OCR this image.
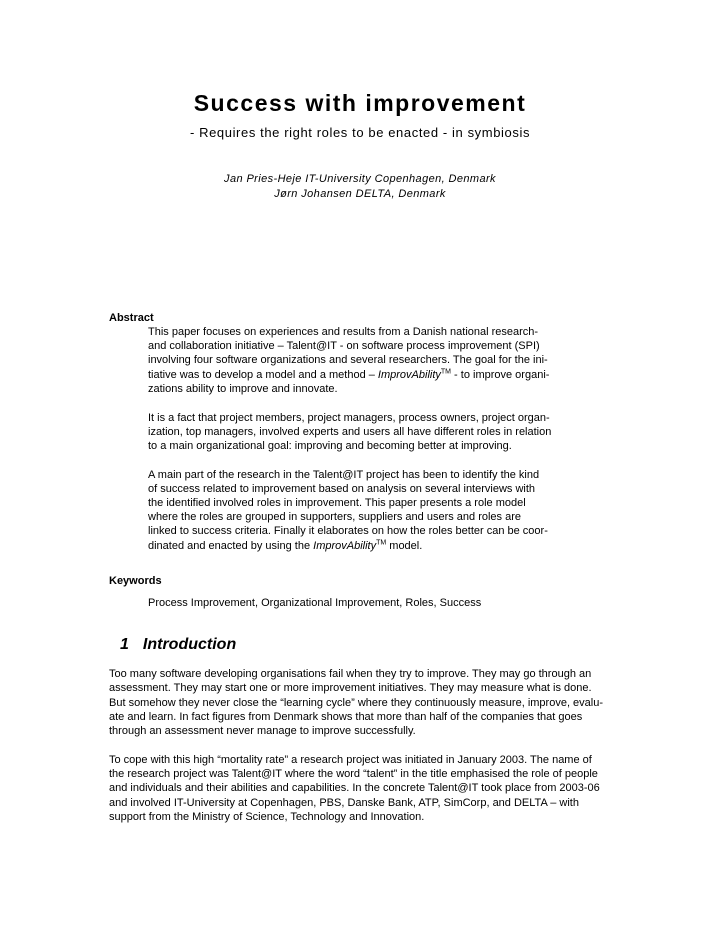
Success with improvement
- Requires the right roles to be enacted - in symbiosis
Jan Pries-Heje IT-University Copenhagen, Denmark
Jørn Johansen DELTA, Denmark
Abstract

This paper focuses on experiences and results from a Danish national research-
and collaboration initiative – Talent@IT - on software process improvement (SPI)
involving four software organizations and several researchers. The goal for the ini-
tiative was to develop a model and a method – ImprovAbility™ - to improve organi-
zations ability to improve and innovate.

It is a fact that project members, project managers, process owners, project organ-
ization, top managers, involved experts and users all have different roles in relation
to a main organizational goal: improving and becoming better at improving.

A main part of the research in the Talent@IT project has been to identify the kind
of success related to improvement based on analysis on several interviews with
the identified involved roles in improvement. This paper presents a role model
where the roles are grouped in supporters, suppliers and users and roles are
linked to success criteria. Finally it elaborates on how the roles better can be coor-
dinated and enacted by using the ImprovAbility™ model.

Keywords
Process Improvement, Organizational Improvement, Roles, Success
1 Introduction

Too many software developing organisations fail when they try to improve. They may go through an
assessment. They may start one or more improvement initiatives. They may measure what is done.
But somehow they never close the “learning cycle” where they continuously measure, improve, evalu-
ate and learn. In fact figures from Denmark shows that more than half of the companies that goes
through an assessment never manage to improve successfully.

To cope with this high “mortality rate” a research project was initiated in January 2003. The name of
the research project was Talent@IT where the word “talent” in the title emphasised the role of people
and individuals and their abilities and capabilities. In the concrete Talent@IT took place from 2003-06
and involved IT-University at Copenhagen, PBS, Danske Bank, ATP, SimCorp, and DELTA – with
support from the Ministry of Science, Technology and Innovation.
